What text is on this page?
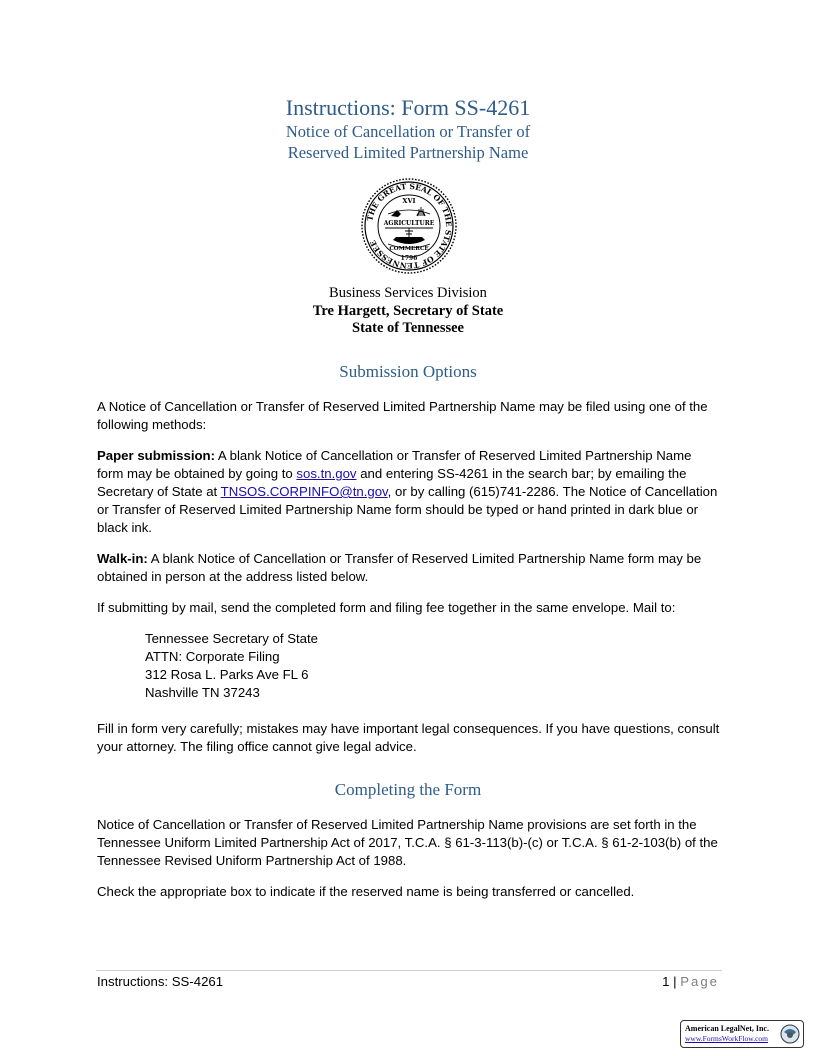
Instructions: Form SS-4261
Notice of Cancellation or Transfer of
Reserved Limited Partnership Name
THE GREAT SEAL OF THE STATE OF TENNESSEE
XVI
AGRICULTURE
COMMERCE
1796
Business Services Division
Tre Hargett, Secretary of State
State of Tennessee
Submission Options

A Notice of Cancellation or Transfer of Reserved Limited Partnership Name may be filed using one of the following methods:

Paper submission: A blank Notice of Cancellation or Transfer of Reserved Limited Partnership Name form may be obtained by going to sos.tn.gov and entering SS-4261 in the search bar; by emailing the Secretary of State at TNSOS.CORPINFO@tn.gov, or by calling (615)741-2286. The Notice of Cancellation or Transfer of Reserved Limited Partnership Name form should be typed or hand printed in dark blue or black ink.

Walk-in: A blank Notice of Cancellation or Transfer of Reserved Limited Partnership Name form may be obtained in person at the address listed below.

If submitting by mail, send the completed form and filing fee together in the same envelope. Mail to:

Tennessee Secretary of State
ATTN: Corporate Filing
312 Rosa L. Parks Ave FL 6
Nashville TN 37243

Fill in form very carefully; mistakes may have important legal consequences. If you have questions, consult your attorney. The filing office cannot give legal advice.

Completing the Form

Notice of Cancellation or Transfer of Reserved Limited Partnership Name provisions are set forth in the Tennessee Uniform Limited Partnership Act of 2017, T.C.A. § 61-3-113(b)-(c) or T.C.A. § 61-2-103(b) of the Tennessee Revised Uniform Partnership Act of 1988.

Check the appropriate box to indicate if the reserved name is being transferred or cancelled.

Instructions: SS-4261	1 | Page
American LegalNet, Inc.
www.FormsWorkFlow.com
